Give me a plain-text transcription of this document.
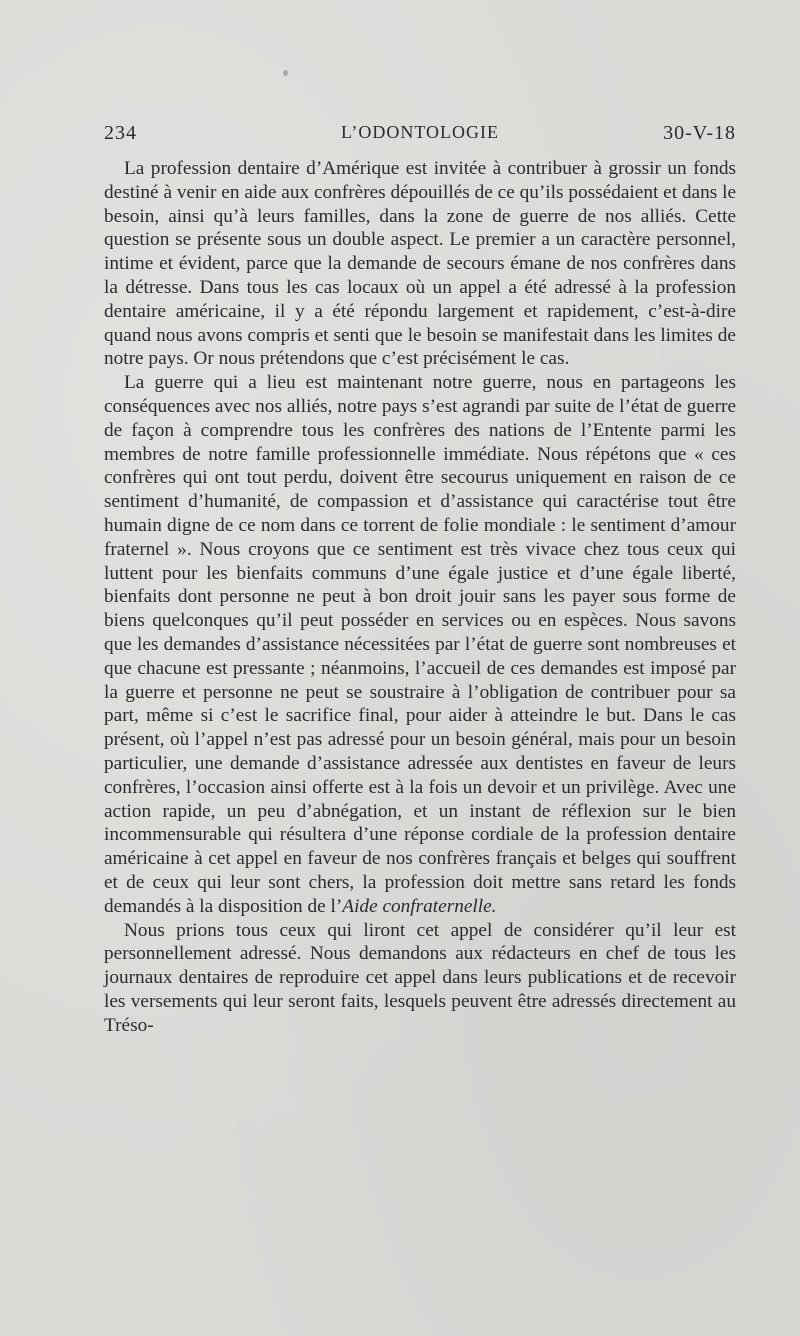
234	L’ODONTOLOGIE	30-V-18

La profession dentaire d’Amérique est invitée à contribuer à grossir un fonds destiné à venir en aide aux confrères dépouillés de ce qu’ils possédaient et dans le besoin, ainsi qu’à leurs familles, dans la zone de guerre de nos alliés. Cette question se présente sous un double aspect. Le premier a un caractère personnel, intime et évident, parce que la demande de secours émane de nos confrères dans la détresse. Dans tous les cas locaux où un appel a été adressé à la profession dentaire américaine, il y a été répondu largement et rapidement, c’est-à-dire quand nous avons compris et senti que le besoin se manifestait dans les limites de notre pays. Or nous prétendons que c’est précisément le cas.

La guerre qui a lieu est maintenant notre guerre, nous en partageons les conséquences avec nos alliés, notre pays s’est agrandi par suite de l’état de guerre de façon à comprendre tous les confrères des nations de l’Entente parmi les membres de notre famille professionnelle immédiate. Nous répétons que « ces confrères qui ont tout perdu, doivent être secourus uniquement en raison de ce sentiment d’humanité, de compassion et d’assistance qui caractérise tout être humain digne de ce nom dans ce torrent de folie mondiale : le sentiment d’amour fraternel ». Nous croyons que ce sentiment est très vivace chez tous ceux qui luttent pour les bienfaits communs d’une égale justice et d’une égale liberté, bienfaits dont personne ne peut à bon droit jouir sans les payer sous forme de biens quelconques qu’il peut posséder en services ou en espèces. Nous savons que les demandes d’assistance nécessitées par l’état de guerre sont nombreuses et que chacune est pressante ; néanmoins, l’accueil de ces demandes est imposé par la guerre et personne ne peut se soustraire à l’obligation de contribuer pour sa part, même si c’est le sacrifice final, pour aider à atteindre le but. Dans le cas présent, où l’appel n’est pas adressé pour un besoin général, mais pour un besoin particulier, une demande d’assistance adressée aux dentistes en faveur de leurs confrères, l’occasion ainsi offerte est à la fois un devoir et un privilège. Avec une action rapide, un peu d’abnégation, et un instant de réflexion sur le bien incommensurable qui résultera d’une réponse cordiale de la profession dentaire américaine à cet appel en faveur de nos confrères français et belges qui souffrent et de ceux qui leur sont chers, la profession doit mettre sans retard les fonds demandés à la disposition de l’Aide confraternelle.

Nous prions tous ceux qui liront cet appel de considérer qu’il leur est personnellement adressé. Nous demandons aux rédacteurs en chef de tous les journaux dentaires de reproduire cet appel dans leurs publications et de recevoir les versements qui leur seront faits, lesquels peuvent être adressés directement au Tréso-
